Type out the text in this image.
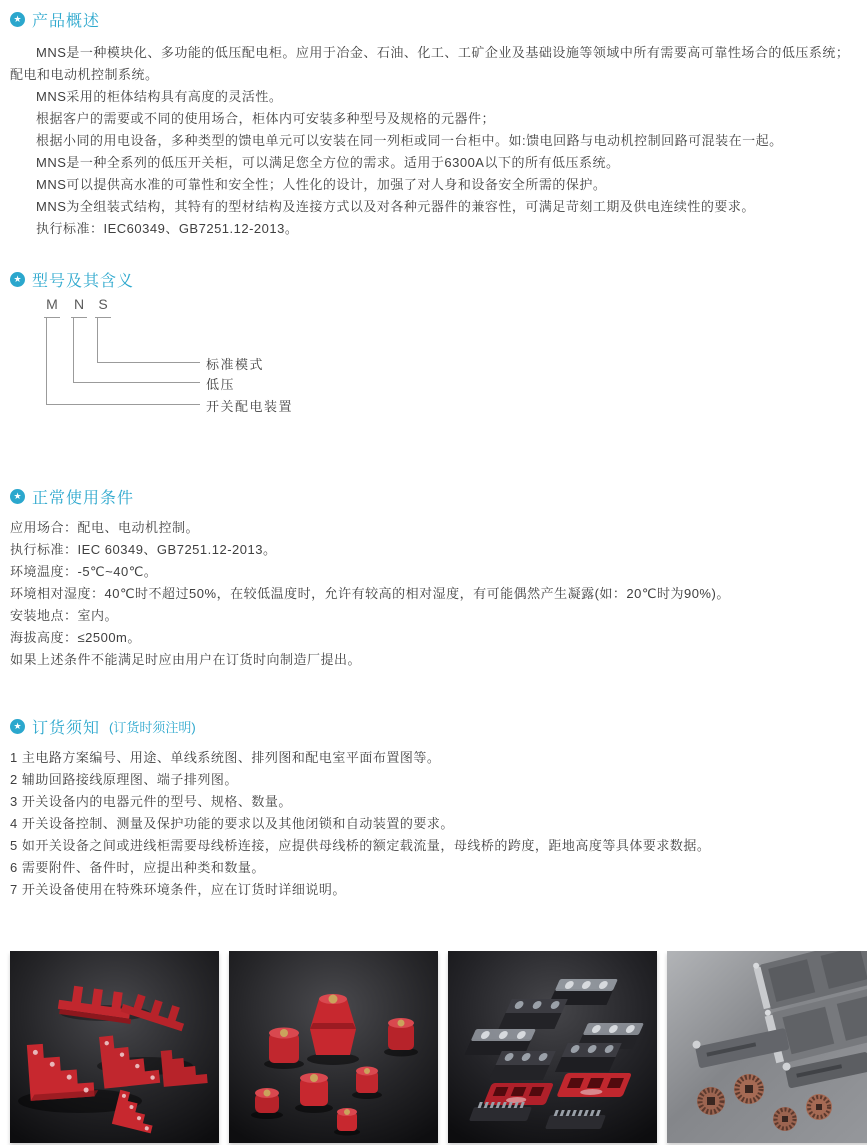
★ 产品概述

MNS是一种模块化、多功能的低压配电柜。应用于冶金、石油、化工、工矿企业及基础设施等领域中所有需要高可靠性场合的低压系统；配电和电动机控制系统。

MNS采用的柜体结构具有高度的灵活性。

根据客户的需要或不同的使用场合，柜体内可安装多种型号及规格的元器件；

根据小同的用电设备，多种类型的馈电单元可以安装在同一列柜或同一台柜中。如:馈电回路与电动机控制回路可混装在一起。

MNS是一种全系列的低压开关柜，可以满足您全方位的需求。适用于6300A以下的所有低压系统。

MNS可以提供高水准的可靠性和安全性；人性化的设计，加强了对人身和设备安全所需的保护。

MNS为全组装式结构，其特有的型材结构及连接方式以及对各种元器件的兼容性，可满足苛刻工期及供电连续性的要求。

执行标准：IEC60349、GB7251.12-2013。

★ 型号及其含义
M N S
标准模式
低压
开关配电装置
★ 正常使用条件
应用场合：配电、电动机控制。
执行标准：IEC 60349、GB7251.12-2013。
环境温度：-5℃~40℃。
环境相对湿度：40℃时不超过50%，在较低温度时，允许有较高的相对湿度，有可能偶然产生凝露(如：20℃时为90%)。
安装地点：室内。
海拔高度：≤2500m。
如果上述条件不能满足时应由用户在订货时向制造厂提出。
★ 订货须知 (订货时须注明)
1 主电路方案编号、用途、单线系统图、排列图和配电室平面布置图等。
2 辅助回路接线原理图、端子排列图。
3 开关设备内的电器元件的型号、规格、数量。
4 开关设备控制、测量及保护功能的要求以及其他闭锁和自动装置的要求。
5 如开关设备之间或进线柜需要母线桥连接，应提供母线桥的额定载流量，母线桥的跨度，距地高度等具体要求数据。
6 需要附件、备件时，应提出种类和数量。
7 开关设备使用在特殊环境条件，应在订货时详细说明。
